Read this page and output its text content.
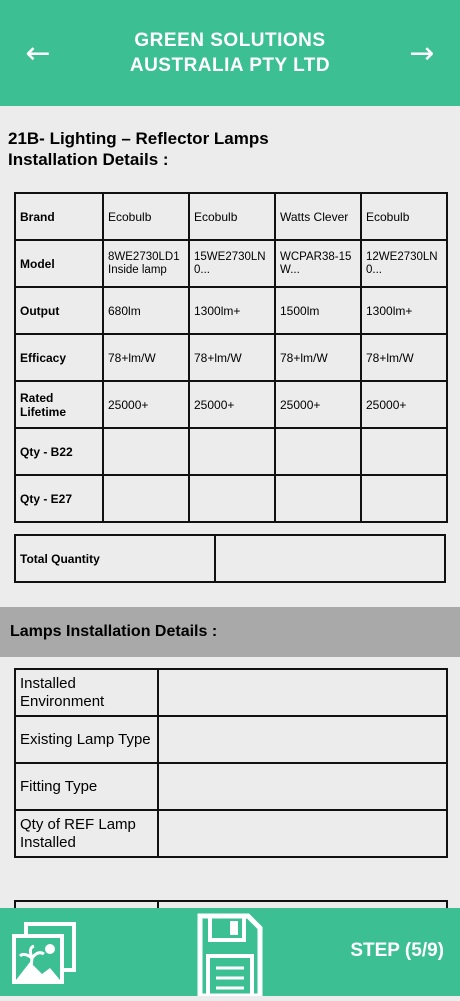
←	GREEN SOLUTIONS
AUSTRALIA PTY LTD	→
21B- Lighting – Reflector Lamps
Installation Details :
Brand	Ecobulb	Ecobulb	Watts Clever	Ecobulb
Model	8WE2730LD1 Inside lamp	15WE2730LN 0...	WCPAR38-15 W...	12WE2730LN 0...
Output	680lm	1300lm+	1500lm	1300lm+
Efficacy	78+lm/W	78+lm/W	78+lm/W	78+lm/W
Rated Lifetime	25000+	25000+	25000+	25000+
Qty - B22				
Qty - E27				
Total Quantity
Lamps Installation Details :
Installed Environment	
Existing Lamp Type	
Fitting Type	
Qty of REF Lamp Installed	

STEP (5/9)
